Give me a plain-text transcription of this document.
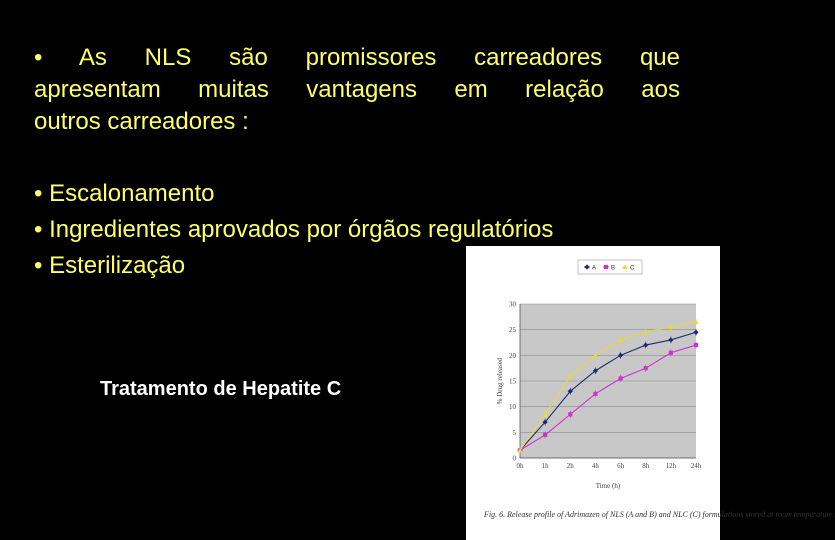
• As NLS são promissores carreadores que
apresentam muitas vantagens em relação aos
outros carreadores :
• Escalonamento
• Ingredientes aprovados por órgãos regulatórios
• Esterilização
Tratamento de Hepatite C
0
5
10
15
20
25
30
0h	1h	2h	4h	6h	8h 12h 24h
Time (h)
% Drug released
A B C
Fig. 6. Release profile of Adrimazen of NLS (A and B) and NLC (C) formulations stored at room temperature.
